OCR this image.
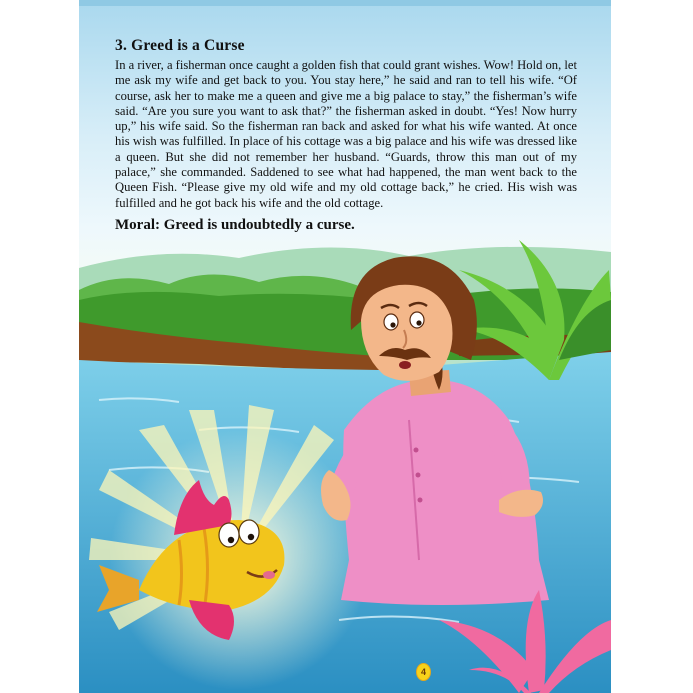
3. Greed is a Curse

In a river, a fisherman once caught a golden fish that could grant wishes. Wow! Hold on, let me ask my wife and get back to you. You stay here,” he said and ran to tell his wife. “Of course, ask her to make me a queen and give me a big palace to stay,” the fisherman’s wife said. “Are you sure you want to ask that?” the fisherman asked in doubt. “Yes! Now hurry up,” his wife said. So the fisherman ran back and asked for what his wife wanted. At once his wish was fulfilled. In place of his cottage was a big palace and his wife was dressed like a queen. But she did not remember her husband. “Guards, throw this man out of my palace,” she commanded. Saddened to see what had happened, the man went back to the Queen Fish. “Please give my old wife and my old cottage back,” he cried. His wish was fulfilled and he got back his wife and the old cottage.

Moral: Greed is undoubtedly a curse.

4
